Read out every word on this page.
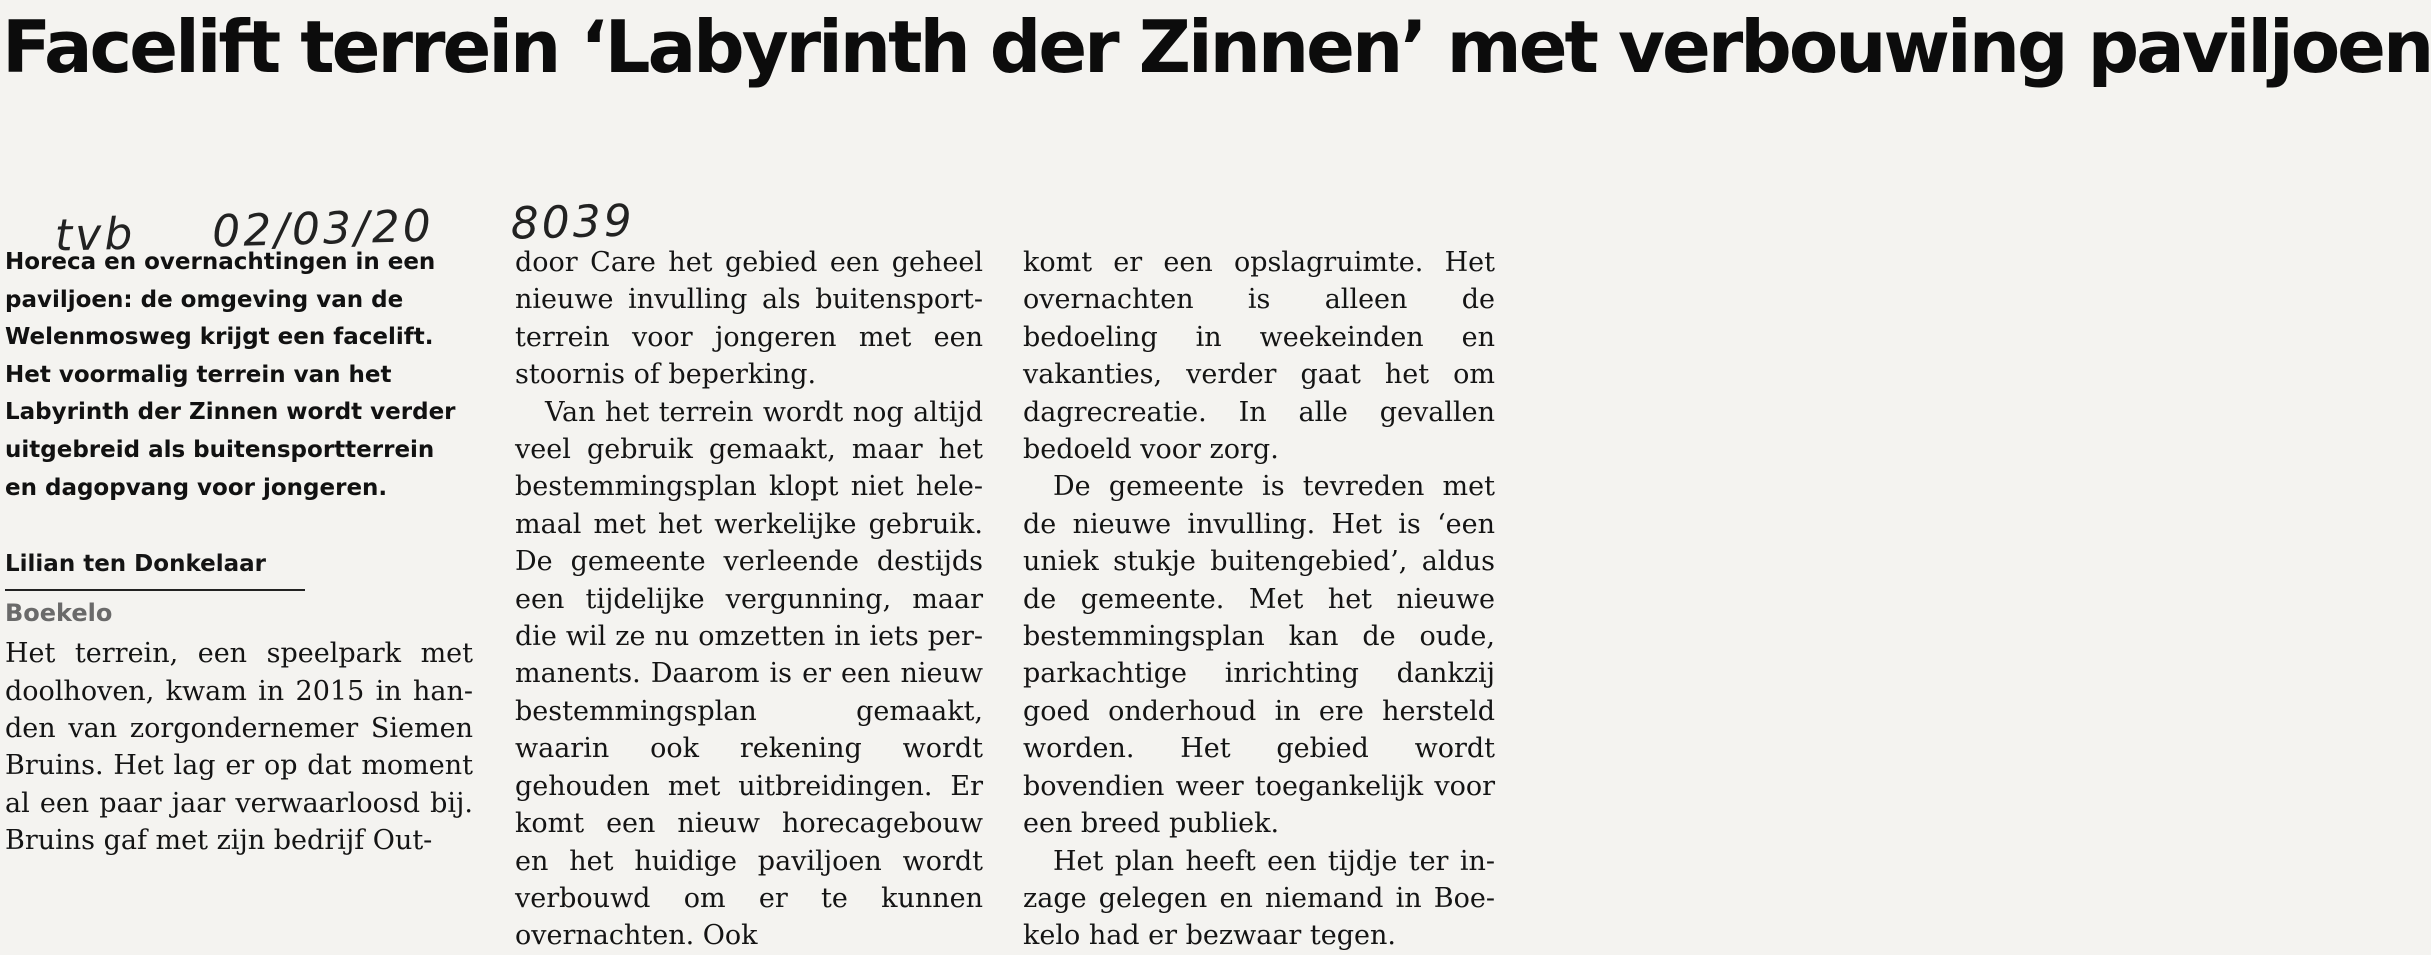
Facelift terrein ‘Labyrinth der Zinnen’ met verbouwing paviljoen
tvb 02/03/20 8039

Horeca en overnachtingen in een paviljoen: de omgeving van de Welenmosweg krijgt een facelift. Het voormalig terrein van het Labyrinth der Zinnen wordt verder uitgebreid als buitensportterrein en dagopvang voor jongeren.

Lilian ten Donkelaar
Boekelo

Het terrein, een speelpark met doolhoven, kwam in 2015 in handen van zorgondernemer Siemen Bruins. Het lag er op dat moment al een paar jaar verwaarloosd bij. Bruins gaf met zijn bedrijf Out-

door Care het gebied een geheel nieuwe invulling als buitensportterrein voor jongeren met een stoornis of beperking.

Van het terrein wordt nog altijd veel gebruik gemaakt, maar het bestemmingsplan klopt niet helemaal met het werkelijke gebruik. De gemeente verleende destijds een tijdelijke vergunning, maar die wil ze nu omzetten in iets permanents. Daarom is er een nieuw bestemmingsplan gemaakt, waarin ook rekening wordt gehouden met uitbreidingen. Er komt een nieuw horecagebouw en het huidige paviljoen wordt verbouwd om er te kunnen overnachten. Ook

komt er een opslagruimte. Het overnachten is alleen de bedoeling in weekeinden en vakanties, verder gaat het om dagrecreatie. In alle gevallen bedoeld voor zorg.

De gemeente is tevreden met de nieuwe invulling. Het is ‘een uniek stukje buitengebied’, aldus de gemeente. Met het nieuwe bestemmingsplan kan de oude, parkachtige inrichting dankzij goed onderhoud in ere hersteld worden. Het gebied wordt bovendien weer toegankelijk voor een breed publiek.

Het plan heeft een tijdje ter inzage gelegen en niemand in Boekelo had er bezwaar tegen.
